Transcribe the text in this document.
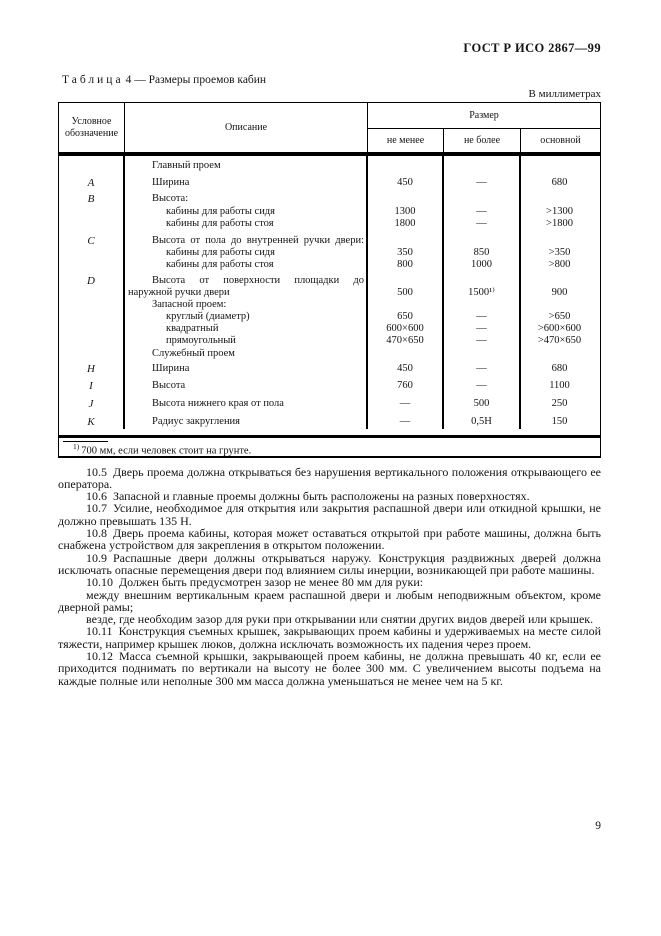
ГОСТ Р ИСО 2867—99
Таблица 4 — Размеры проемов кабин
В миллиметрах
Условное обозначение
Описание
Размер
не менее	не более	основной
A
B
C
D
H
I
J
K
Главный проем
Ширина
Высота:
кабины для работы сидя
кабины для работы стоя
Высота от пола до внутренней ручки двери:
кабины для работы сидя
кабины для работы стоя
Высота от поверхности площадки до
наружной ручки двери
Запасной проем:
круглый (диаметр)
квадратный
прямоугольный
Служебный проем
Ширина
Высота
Высота нижнего края от пола
Радиус закругления
450
1300
1800
350
800
500
650
600×600
470×650
450
760
—
—
—
—
—
850
1000
1500¹⁾
—
—
—
—
—
500
0,5Н
680
>1300
>1800
>350
>800
900
>650
>600×600
>470×650
680
1100
250
150
$^{1)}$ 700 мм, если человек стоит на грунте.

10.5 Дверь проема должна открываться без нарушения вертикального положения открывающего ее оператора.

10.6 Запасной и главные проемы должны быть расположены на разных поверхностях.

10.7 Усилие, необходимое для открытия или закрытия распашной двери или откидной крышки, не должно превышать 135 Н.

10.8 Дверь проема кабины, которая может оставаться открытой при работе машины, должна быть снабжена устройством для закрепления в открытом положении.

10.9 Распашные двери должны открываться наружу. Конструкция раздвижных дверей должна исключать опасные перемещения двери под влиянием силы инерции, возникающей при работе машины.

10.10 Должен быть предусмотрен зазор не менее 80 мм для руки:

между внешним вертикальным краем распашной двери и любым неподвижным объектом, кроме дверной рамы;

везде, где необходим зазор для руки при открывании или снятии других видов дверей или крышек.

10.11 Конструкция съемных крышек, закрывающих проем кабины и удерживаемых на месте силой тяжести, например крышек люков, должна исключать возможность их падения через проем.

10.12 Масса съемной крышки, закрывающей проем кабины, не должна превышать 40 кг, если ее приходится поднимать по вертикали на высоту не более 300 мм. С увеличением высоты подъема на каждые полные или неполные 300 мм масса должна уменьшаться не менее чем на 5 кг.

9
